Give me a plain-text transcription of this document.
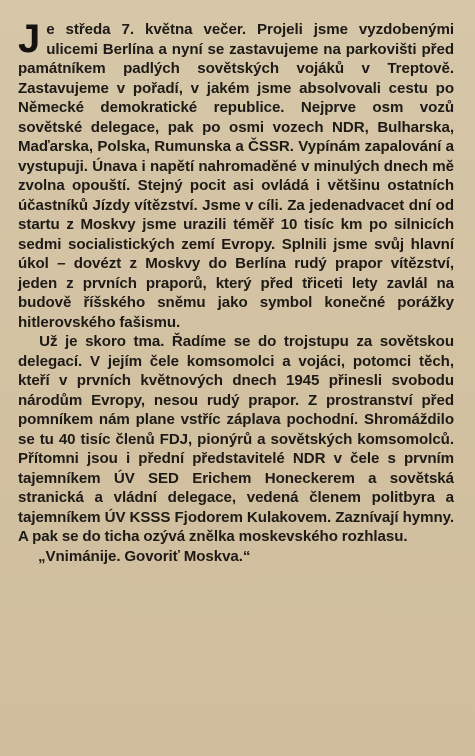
Je středa 7. května večer. Projeli jsme vyzdobenými ulicemi Berlína a nyní se zastavujeme na parkovišti před památníkem padlých sovětských vojáků v Treptově. Zastavujeme v pořadí, v jakém jsme absolvovali cestu po Německé demokratické republice. Nejprve osm vozů sovětské delegace, pak po osmi vozech NDR, Bulharska, Maďarska, Polska, Rumunska a ČSSR. Vypínám zapalování a vystupuji. Únava i napětí nahromaděné v minulých dnech mě zvolna opouští. Stejný pocit asi ovládá i většinu ostatních účastníků Jízdy vítězství. Jsme v cíli. Za jedenadvacet dní od startu z Moskvy jsme urazili téměř 10 tisíc km po silnicích sedmi socialistických zemí Evropy. Splnili jsme svůj hlavní úkol – dovézt z Moskvy do Berlína rudý prapor vítězství, jeden z prvních praporů, který před třiceti lety zavlál na budově říšského sněmu jako symbol konečné porážky hitlerovského fašismu.

Už je skoro tma. Řadíme se do trojstupu za sovětskou delegací. V jejím čele komsomolci a vojáci, potomci těch, kteří v prvních květnových dnech 1945 přinesli svobodu národům Evropy, nesou rudý prapor. Z prostranství před pomníkem nám plane vstříc záplava pochodní. Shromáždilo se tu 40 tisíc členů FDJ, pionýrů a sovětských komsomolců. Přítomni jsou i přední představitelé NDR v čele s prvním tajemníkem ÚV SED Erichem Honeckerem a sovětská stranická a vládní delegace, vedená členem politbyra a tajemníkem ÚV KSSS Fjodorem Kulakovem. Zaznívají hymny. A pak se do ticha ozývá znělka moskevského rozhlasu.

„Vnimánije. Govoriť Moskva.“
